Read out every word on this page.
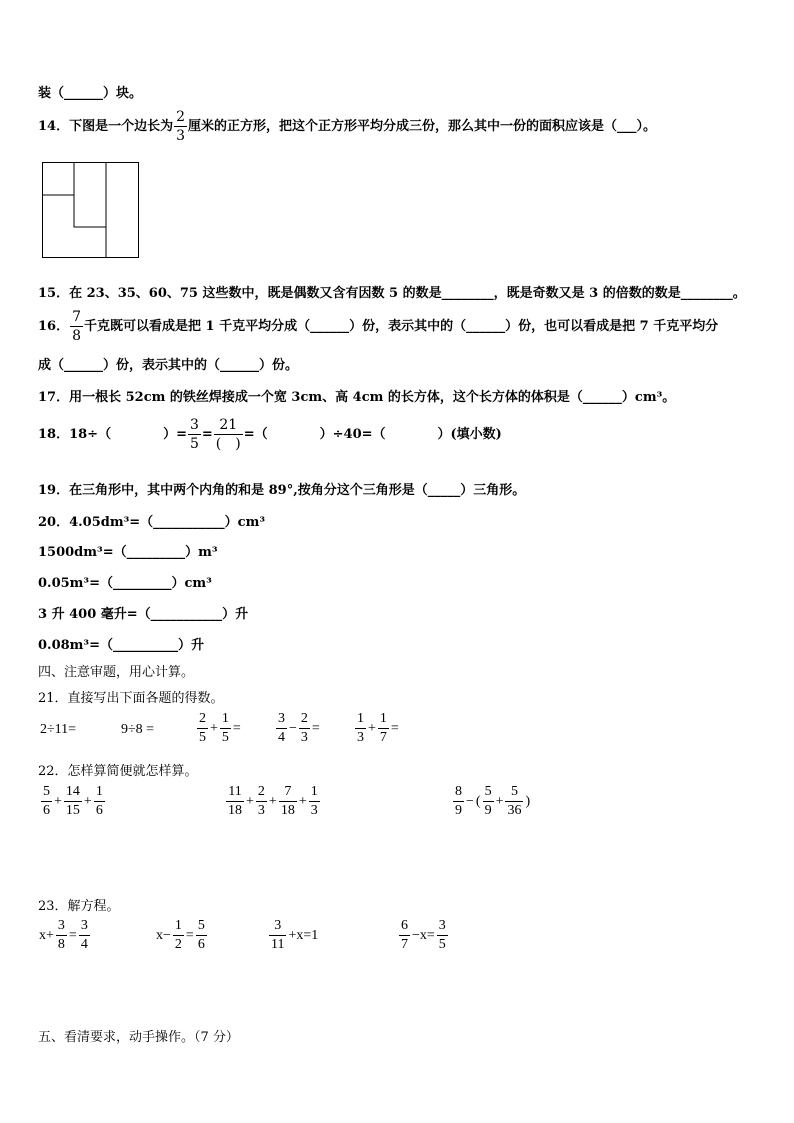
装（______）块。
14．下图是一个边长为 $\frac{2}{3}$ 厘米的正方形，把这个正方形平均分成三份，那么其中一份的面积应该是（___）。
15．在 23、35、60、75 这些数中，既是偶数又含有因数 5 的数是________，既是奇数又是 3 的倍数的数是________。
16． $\frac{7}{8}$ 千克既可以看成是把 1 千克平均分成（______）份，表示其中的（______）份，也可以看成是把 7 千克平均分
成（______）份，表示其中的（______）份。
17．用一根长 52cm 的铁丝焊接成一个宽 3cm、高 4cm 的长方体，这个长方体的体积是（______）cm³。
18．18÷（　　　　）= $\frac{3}{5}$ =
21
(　)
=（　　　　）÷40=（　　　　）(填小数)
19．在三角形中，其中两个内角的和是 89°,按角分这个三角形是（_____）三角形。
20．4.05dm³=（___________）cm³
1500dm³=（_________）m³
0.05m³=（_________）cm³
3 升 400 毫升=（___________）升
0.08m³=（__________）升
四、注意审题，用心计算。
21．直接写出下面各题的得数。
2÷11=	9÷8 =	$\frac{2}{5} + \frac{1}{5}$ =	$\frac{3}{4} - \frac{2}{3}$ =	$\frac{1}{3} + \frac{1}{7}$ =
22．怎样算简便就怎样算。
$\frac{5}{6} + \frac{14}{15} + \frac{1}{6}$	$\frac{11}{18} + \frac{2}{3} + \frac{7}{18} + \frac{1}{3}$	$\frac{8}{9}$ − ( $\frac{5}{9} + \frac{5}{36}$ )
23．解方程。
$x+ \frac{3}{8} = \frac{3}{4}$	$x- \frac{1}{2} = \frac{5}{6}$	$\frac{3}{11} +x=1$	$\frac{6}{7} -x= \frac{3}{5}$
五、看清要求，动手操作。（7 分）
